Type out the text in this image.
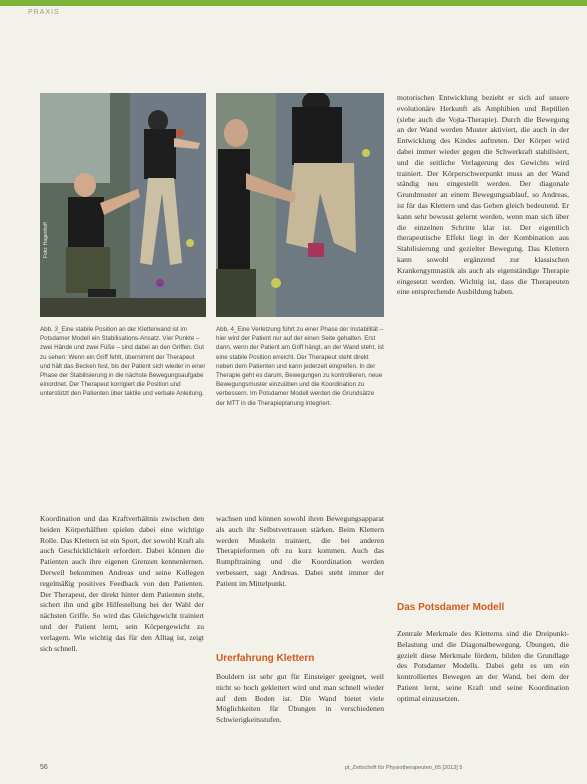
PRAXIS
Foto: Hagenhoff
Abb. 3_Eine stabile Position an der Kletterwand ist im Potsdamer Modell ein Stabilisations-Ansatz. Vier Punkte – zwei Hände und zwei Füße – sind dabei an den Griffen. Gut zu sehen: Wenn ein Griff fehlt, übernimmt der Therapeut und hält das Becken fest, bis der Patient sich wieder in einer Phase der Stabilisierung in die nächste Bewegungsaufgabe einordnet. Der Therapeut korrigiert die Position und unterstützt den Patienten über taktile und verbale Anleitung.
Abb. 4_Eine Verletzung führt zu einer Phase der Instabilität – hier wird der Patient nur auf der einen Seite gehalten. Erst dann, wenn der Patient am Griff hängt, an der Wand steht, ist eine stabile Position erreicht. Der Therapeut steht direkt neben dem Patienten und kann jederzeit eingreifen. In der Therapie geht es darum, Bewegungen zu kontrollieren, neue Bewegungsmuster einzuüben und die Koordination zu verbessern. Im Potsdamer Modell werden die Grundsätze der MTT in die Therapieplanung integriert.
Koordination und das Kraftverhältnis zwischen den beiden Körperhälften spielen dabei eine wichtige Rolle. Das Klettern ist ein Sport, der sowohl Kraft als auch Geschicklichkeit erfordert. Dabei können die Patienten auch ihre eigenen Grenzen kennenlernen. Derweil bekommen Andreas und seine Kollegen regelmäßig positives Feedback von den Patienten. Der Therapeut, der direkt hinter dem Patienten steht, sichert ihn und gibt Hilfestellung bei der Wahl der nächsten Griffe. So wird das Gleichgewicht trainiert und der Patient lernt, sein Körpergewicht zu verlagern. Wie wichtig das für den Alltag ist, zeigt sich schnell.
wachsen und können sowohl ihren Bewegungsapparat als auch ihr Selbstvertrauen stärken. Beim Klettern werden Muskeln trainiert, die bei anderen Therapieformen oft zu kurz kommen. Auch das Rumpftraining und die Koordination werden verbessert, sagt Andreas. Dabei steht immer der Patient im Mittelpunkt.
Urerfahrung Klettern
Bouldern ist sehr gut für Einsteiger geeignet, weil nicht so hoch geklettert wird und man schnell wieder auf dem Boden ist. Die Wand bietet viele Möglichkeiten für Übungen in verschiedenen Schwierigkeitsstufen.
motorischen Entwicklung bezieht er sich auf unsere evolutionäre Herkunft als Amphibien und Reptilien (siehe auch die Vojta-Therapie). Durch die Bewegung an der Wand werden Muster aktiviert, die auch in der Entwicklung des Kindes auftreten. Der Körper wird dabei immer wieder gegen die Schwerkraft stabilisiert, und die seitliche Verlagerung des Gewichts wird trainiert. Der Körperschwerpunkt muss an der Wand ständig neu eingestellt werden. Der diagonale Grundmuster an einem Bewegungsablauf, so Andreas, ist für das Klettern und das Gehen gleich bedeutend. Er kann sehr bewusst gelernt werden, wenn man sich über die einzelnen Schritte klar ist. Der eigentlich therapeutische Effekt liegt in der Kombination aus Stabilisierung und gezielter Bewegung. Das Klettern kann sowohl ergänzend zur klassischen Krankengymnastik als auch als eigenständige Therapie eingesetzt werden. Wichtig ist, dass die Therapeuten eine entsprechende Ausbildung haben.
Das Potsdamer Modell
Zentrale Merkmale des Kletterns sind die Dreipunkt-Belastung und die Diagonalbewegung. Übungen, die gezielt diese Merkmale fördern, bilden die Grundlage des Potsdamer Modells. Dabei geht es um ein kontrolliertes Bewegen an der Wand, bei dem der Patient lernt, seine Kraft und seine Koordination optimal einzusetzen.
56	pt_Zeitschrift für Physiotherapeuten_65 [2013] 5
